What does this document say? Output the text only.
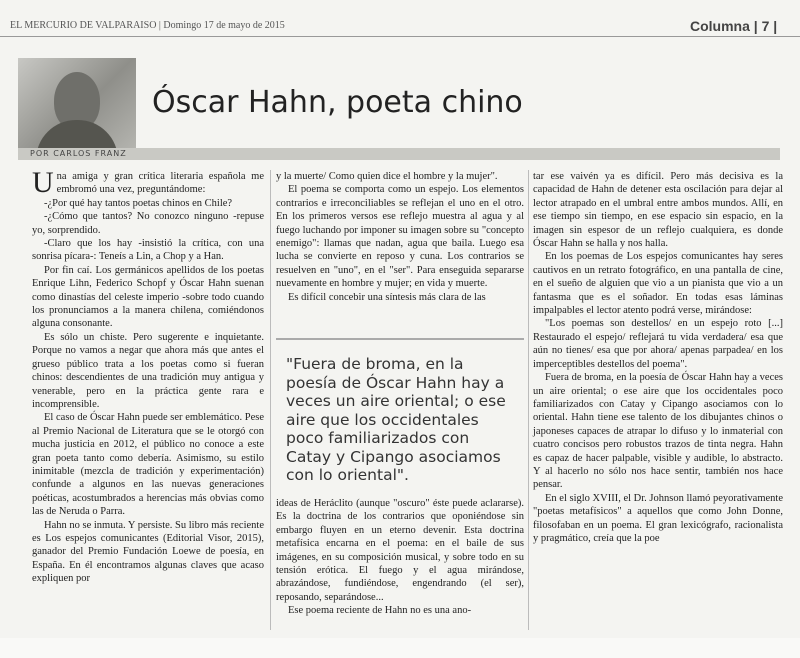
EL MERCURIO DE VALPARAISO | Domingo 17 de mayo de 2015	Columna | 7 |
Óscar Hahn, poeta chino
POR CARLOS FRANZ

Una amiga y gran crítica literaria española me embromó una vez, preguntándome:

-¿Por qué hay tantos poetas chinos en Chile?

-¿Cómo que tantos? No conozco ninguno -repuse yo, sorprendido.

-Claro que los hay -insistió la crítica, con una sonrisa pícara-: Teneís a Lin, a Chop y a Han.

Por fin caí. Los germánicos apellidos de los poetas Enrique Lihn, Federico Schopf y Óscar Hahn suenan como dinastías del celeste imperio -sobre todo cuando los pronunciamos a la manera chilena, comiéndonos alguna consonante.

Es sólo un chiste. Pero sugerente e inquietante. Porque no vamos a negar que ahora más que antes el grueso público trata a los poetas como si fueran chinos: descendientes de una tradición muy antigua y venerable, pero en la práctica gente rara e incomprensible.

El caso de Óscar Hahn puede ser emblemático. Pese al Premio Nacional de Literatura que se le otorgó con mucha justicia en 2012, el público no conoce a este gran poeta tanto como debería. Asimismo, su estilo inimitable (mezcla de tradición y experimentación) confunde a algunos en las nuevas generaciones poéticas, acostumbrados a herencias más obvias como las de Neruda o Parra.

Hahn no se inmuta. Y persiste. Su libro más reciente es Los espejos comunicantes (Editorial Visor, 2015), ganador del Premio Fundación Loewe de poesía, en España. En él encontramos algunas claves que acaso expliquen por

y la muerte/ Como quien dice el hombre y la mujer".

El poema se comporta como un espejo. Los elementos contrarios e irreconciliables se reflejan el uno en el otro. En los primeros versos ese reflejo muestra al agua y al fuego luchando por imponer su imagen sobre su "concepto enemigo": llamas que nadan, agua que baila. Luego esa lucha se convierte en reposo y cuna. Los contrarios se resuelven en "uno", en el "ser". Para enseguida separarse nuevamente en hombre y mujer; en vida y muerte.

Es difícil concebir una síntesis más clara de las

"Fuera de broma, en la poesía de Óscar Hahn hay a veces un aire oriental; o ese aire que los occidentales poco familiarizados con Catay y Cipango asociamos con lo oriental".

ideas de Heráclito (aunque "oscuro" éste puede aclararse). Es la doctrina de los contrarios que oponiéndose sin embargo fluyen en un eterno devenir. Esta doctrina metafísica encarna en el poema: en el baile de sus imágenes, en su composición musical, y sobre todo en su tensión erótica. El fuego y el agua mirándose, abrazándose, fundiéndose, engendrando (el ser), reposando, separándose...

Ese poema reciente de Hahn no es una ano-

tar ese vaivén ya es difícil. Pero más decisiva es la capacidad de Hahn de detener esta oscilación para dejar al lector atrapado en el umbral entre ambos mundos. Allí, en ese tiempo sin tiempo, en ese espacio sin espacio, en la imagen sin espesor de un reflejo cualquiera, es donde Óscar Hahn se halla y nos halla.

En los poemas de Los espejos comunicantes hay seres cautivos en un retrato fotográfico, en una pantalla de cine, en el sueño de alguien que vio a un pianista que vio a un fantasma que es el soñador. En todas esas láminas impalpables el lector atento podrá verse, mirándose:

"Los poemas son destellos/ en un espejo roto [...] Restaurado el espejo/ reflejará tu vida verdadera/ esa que aún no tienes/ esa que por ahora/ apenas parpadea/ en los imperceptibles destellos del poema".

Fuera de broma, en la poesía de Óscar Hahn hay a veces un aire oriental; o ese aire que los occidentales poco familiarizados con Catay y Cipango asociamos con lo oriental. Hahn tiene ese talento de los dibujantes chinos o japoneses capaces de atrapar lo difuso y lo inmaterial con cuatro concisos pero robustos trazos de tinta negra. Hahn es capaz de hacer palpable, visible y audible, lo abstracto. Y al hacerlo no sólo nos hace sentir, también nos hace pensar.

En el siglo XVIII, el Dr. Johnson llamó peyorativamente "poetas metafísicos" a aquellos que como John Donne, filosofaban en un poema. El gran lexicógrafo, racionalista y pragmático, creía que la poe
